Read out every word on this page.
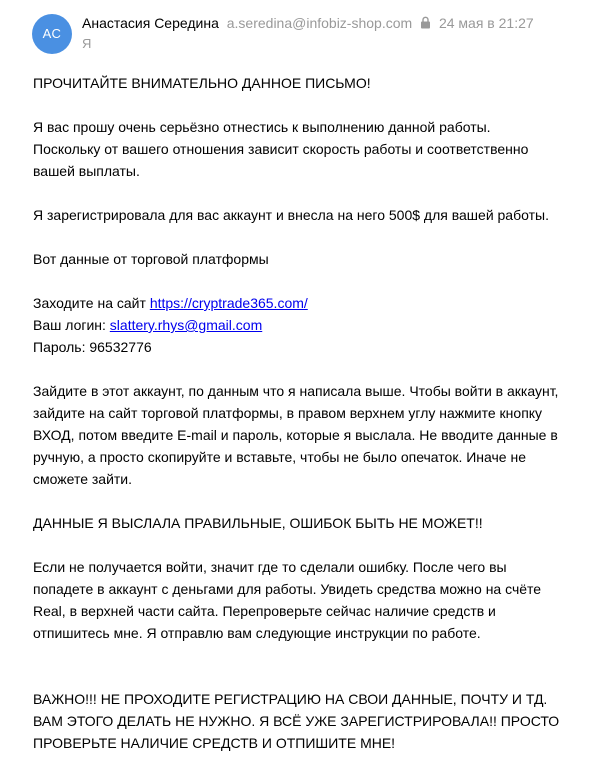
АС
Анастасия Середина a.seredina@infobiz-shop.com 24 мая в 21:27
Я

ПРОЧИТАЙТЕ ВНИМАТЕЛЬНО ДАННОЕ ПИСЬМО!

Я вас прошу очень серьёзно отнестись к выполнению данной работы.
Поскольку от вашего отношения зависит скорость работы и соответственно
вашей выплаты.

Я зарегистрировала для вас аккаунт и внесла на него 500$ для вашей работы.

Вот данные от торговой платформы

Заходите на сайт https://cryptrade365.com/
Ваш логин: slattery.rhys@gmail.com
Пароль: 96532776

Зайдите в этот аккаунт, по данным что я написала выше. Чтобы войти в аккаунт,
зайдите на сайт торговой платформы, в правом верхнем углу нажмите кнопку
ВХОД, потом введите E-mail и пароль, которые я выслала. Не вводите данные в
ручную, а просто скопируйте и вставьте, чтобы не было опечаток. Иначе не
сможете зайти.

ДАННЫЕ Я ВЫСЛАЛА ПРАВИЛЬНЫЕ, ОШИБОК БЫТЬ НЕ МОЖЕТ!!

Если не получается войти, значит где то сделали ошибку. После чего вы
попадете в аккаунт с деньгами для работы. Увидеть средства можно на счёте
Real, в верхней части сайта. Перепроверьте сейчас наличие средств и
отпишитесь мне. Я отправлю вам следующие инструкции по работе.

ВАЖНО!!! НЕ ПРОХОДИТЕ РЕГИСТРАЦИЮ НА СВОИ ДАННЫЕ, ПОЧТУ И ТД.
ВАМ ЭТОГО ДЕЛАТЬ НЕ НУЖНО. Я ВСЁ УЖЕ ЗАРЕГИСТРИРОВАЛА!! ПРОСТО
ПРОВЕРЬТЕ НАЛИЧИЕ СРЕДСТВ И ОТПИШИТЕ МНЕ!
